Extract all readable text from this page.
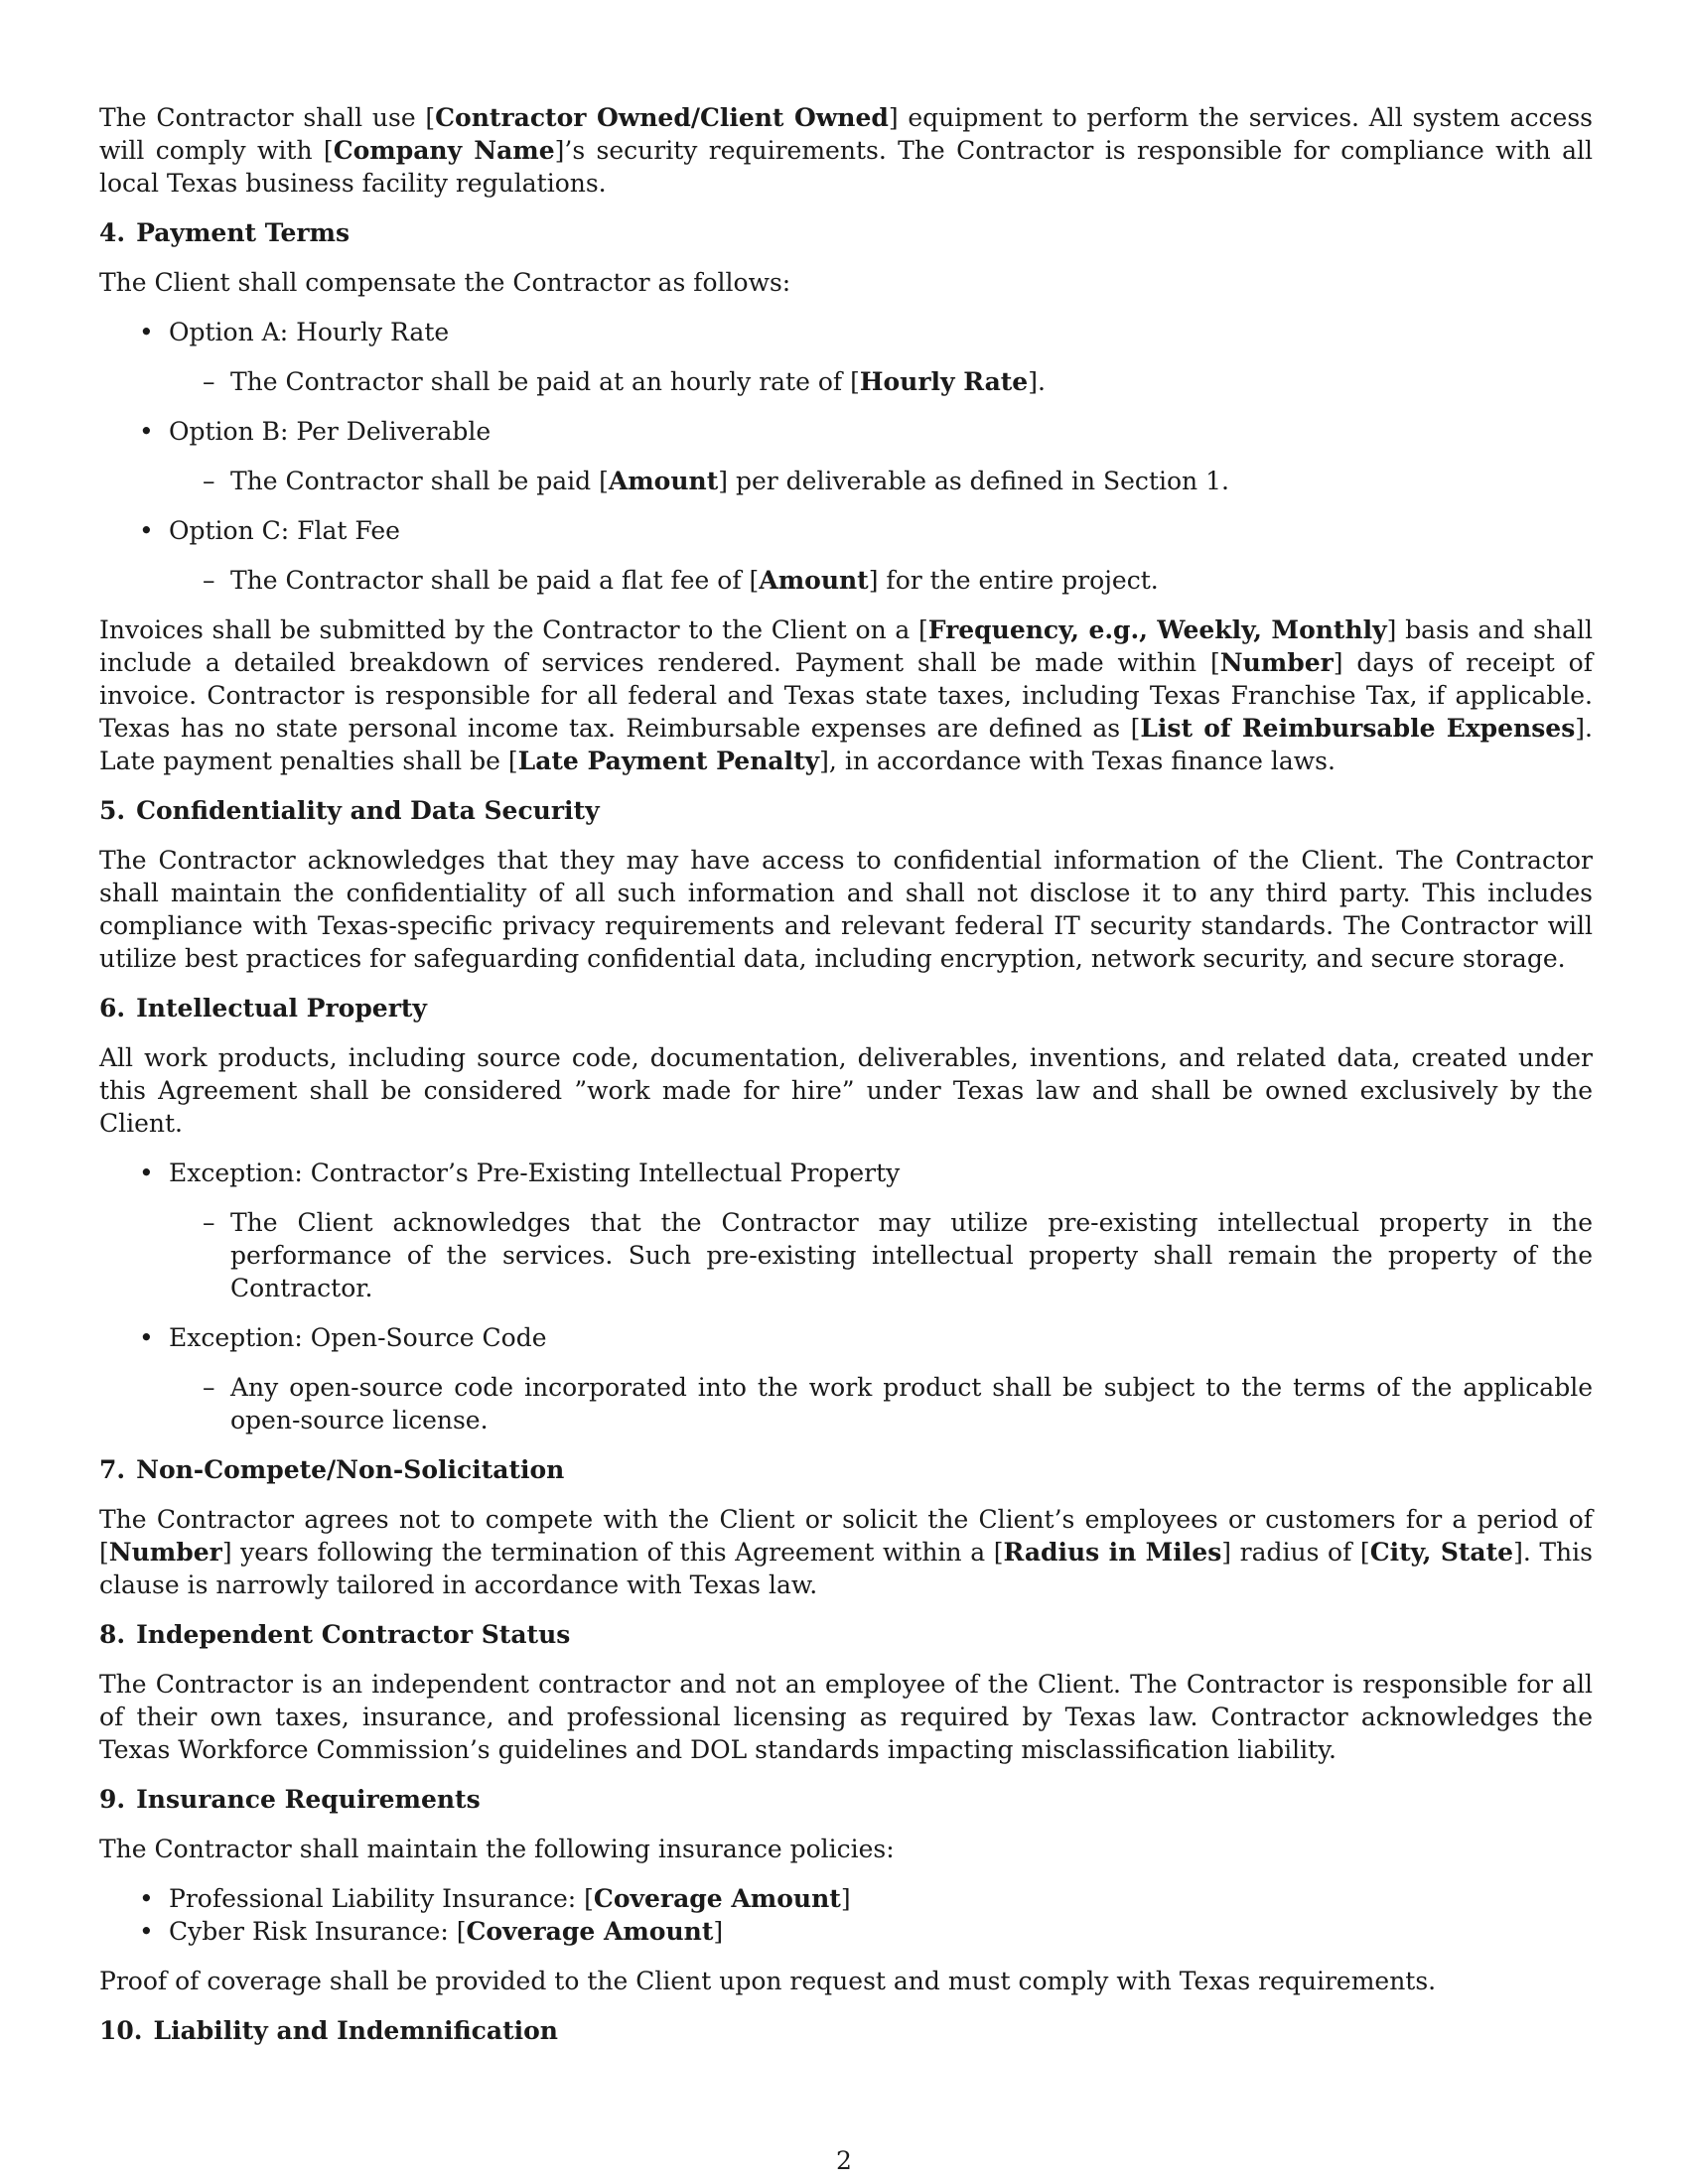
The Contractor shall use [Contractor Owned/Client Owned] equipment to perform the services. All system access will comply with [Company Name]’s security requirements. The Contractor is responsible for compliance with all local Texas business facility regulations.

4. Payment Terms

The Client shall compensate the Contractor as follows:

• Option A: Hourly Rate
– The Contractor shall be paid at an hourly rate of [Hourly Rate].
• Option B: Per Deliverable
– The Contractor shall be paid [Amount] per deliverable as defined in Section 1.
• Option C: Flat Fee
– The Contractor shall be paid a flat fee of [Amount] for the entire project.

Invoices shall be submitted by the Contractor to the Client on a [Frequency, e.g., Weekly, Monthly] basis and shall include a detailed breakdown of services rendered. Payment shall be made within [Number] days of receipt of invoice. Contractor is responsible for all federal and Texas state taxes, including Texas Franchise Tax, if applicable. Texas has no state personal income tax. Reimbursable expenses are defined as [List of Reimbursable Expenses]. Late payment penalties shall be [Late Payment Penalty], in accordance with Texas finance laws.

5. Confidentiality and Data Security

The Contractor acknowledges that they may have access to confidential information of the Client. The Contractor shall maintain the confidentiality of all such information and shall not disclose it to any third party. This includes compliance with Texas-specific privacy requirements and relevant federal IT security standards. The Contractor will utilize best practices for safeguarding confidential data, including encryption, network security, and secure storage.

6. Intellectual Property

All work products, including source code, documentation, deliverables, inventions, and related data, created under this Agreement shall be considered ”work made for hire” under Texas law and shall be owned exclusively by the Client.

• Exception: Contractor’s Pre-Existing Intellectual Property
– The Client acknowledges that the Contractor may utilize pre-existing intellectual property in the performance of the services. Such pre-existing intellectual property shall remain the property of the Contractor.
• Exception: Open-Source Code
– Any open-source code incorporated into the work product shall be subject to the terms of the applicable open-source license.
7. Non-Compete/Non-Solicitation

The Contractor agrees not to compete with the Client or solicit the Client’s employees or customers for a period of [Number] years following the termination of this Agreement within a [Radius in Miles] radius of [City, State]. This clause is narrowly tailored in accordance with Texas law.

8. Independent Contractor Status

The Contractor is an independent contractor and not an employee of the Client. The Contractor is responsible for all of their own taxes, insurance, and professional licensing as required by Texas law. Contractor acknowledges the Texas Workforce Commission’s guidelines and DOL standards impacting misclassification liability.

9. Insurance Requirements

The Contractor shall maintain the following insurance policies:

• Professional Liability Insurance: [Coverage Amount]
• Cyber Risk Insurance: [Coverage Amount]

Proof of coverage shall be provided to the Client upon request and must comply with Texas requirements.

10. Liability and Indemnification
2
